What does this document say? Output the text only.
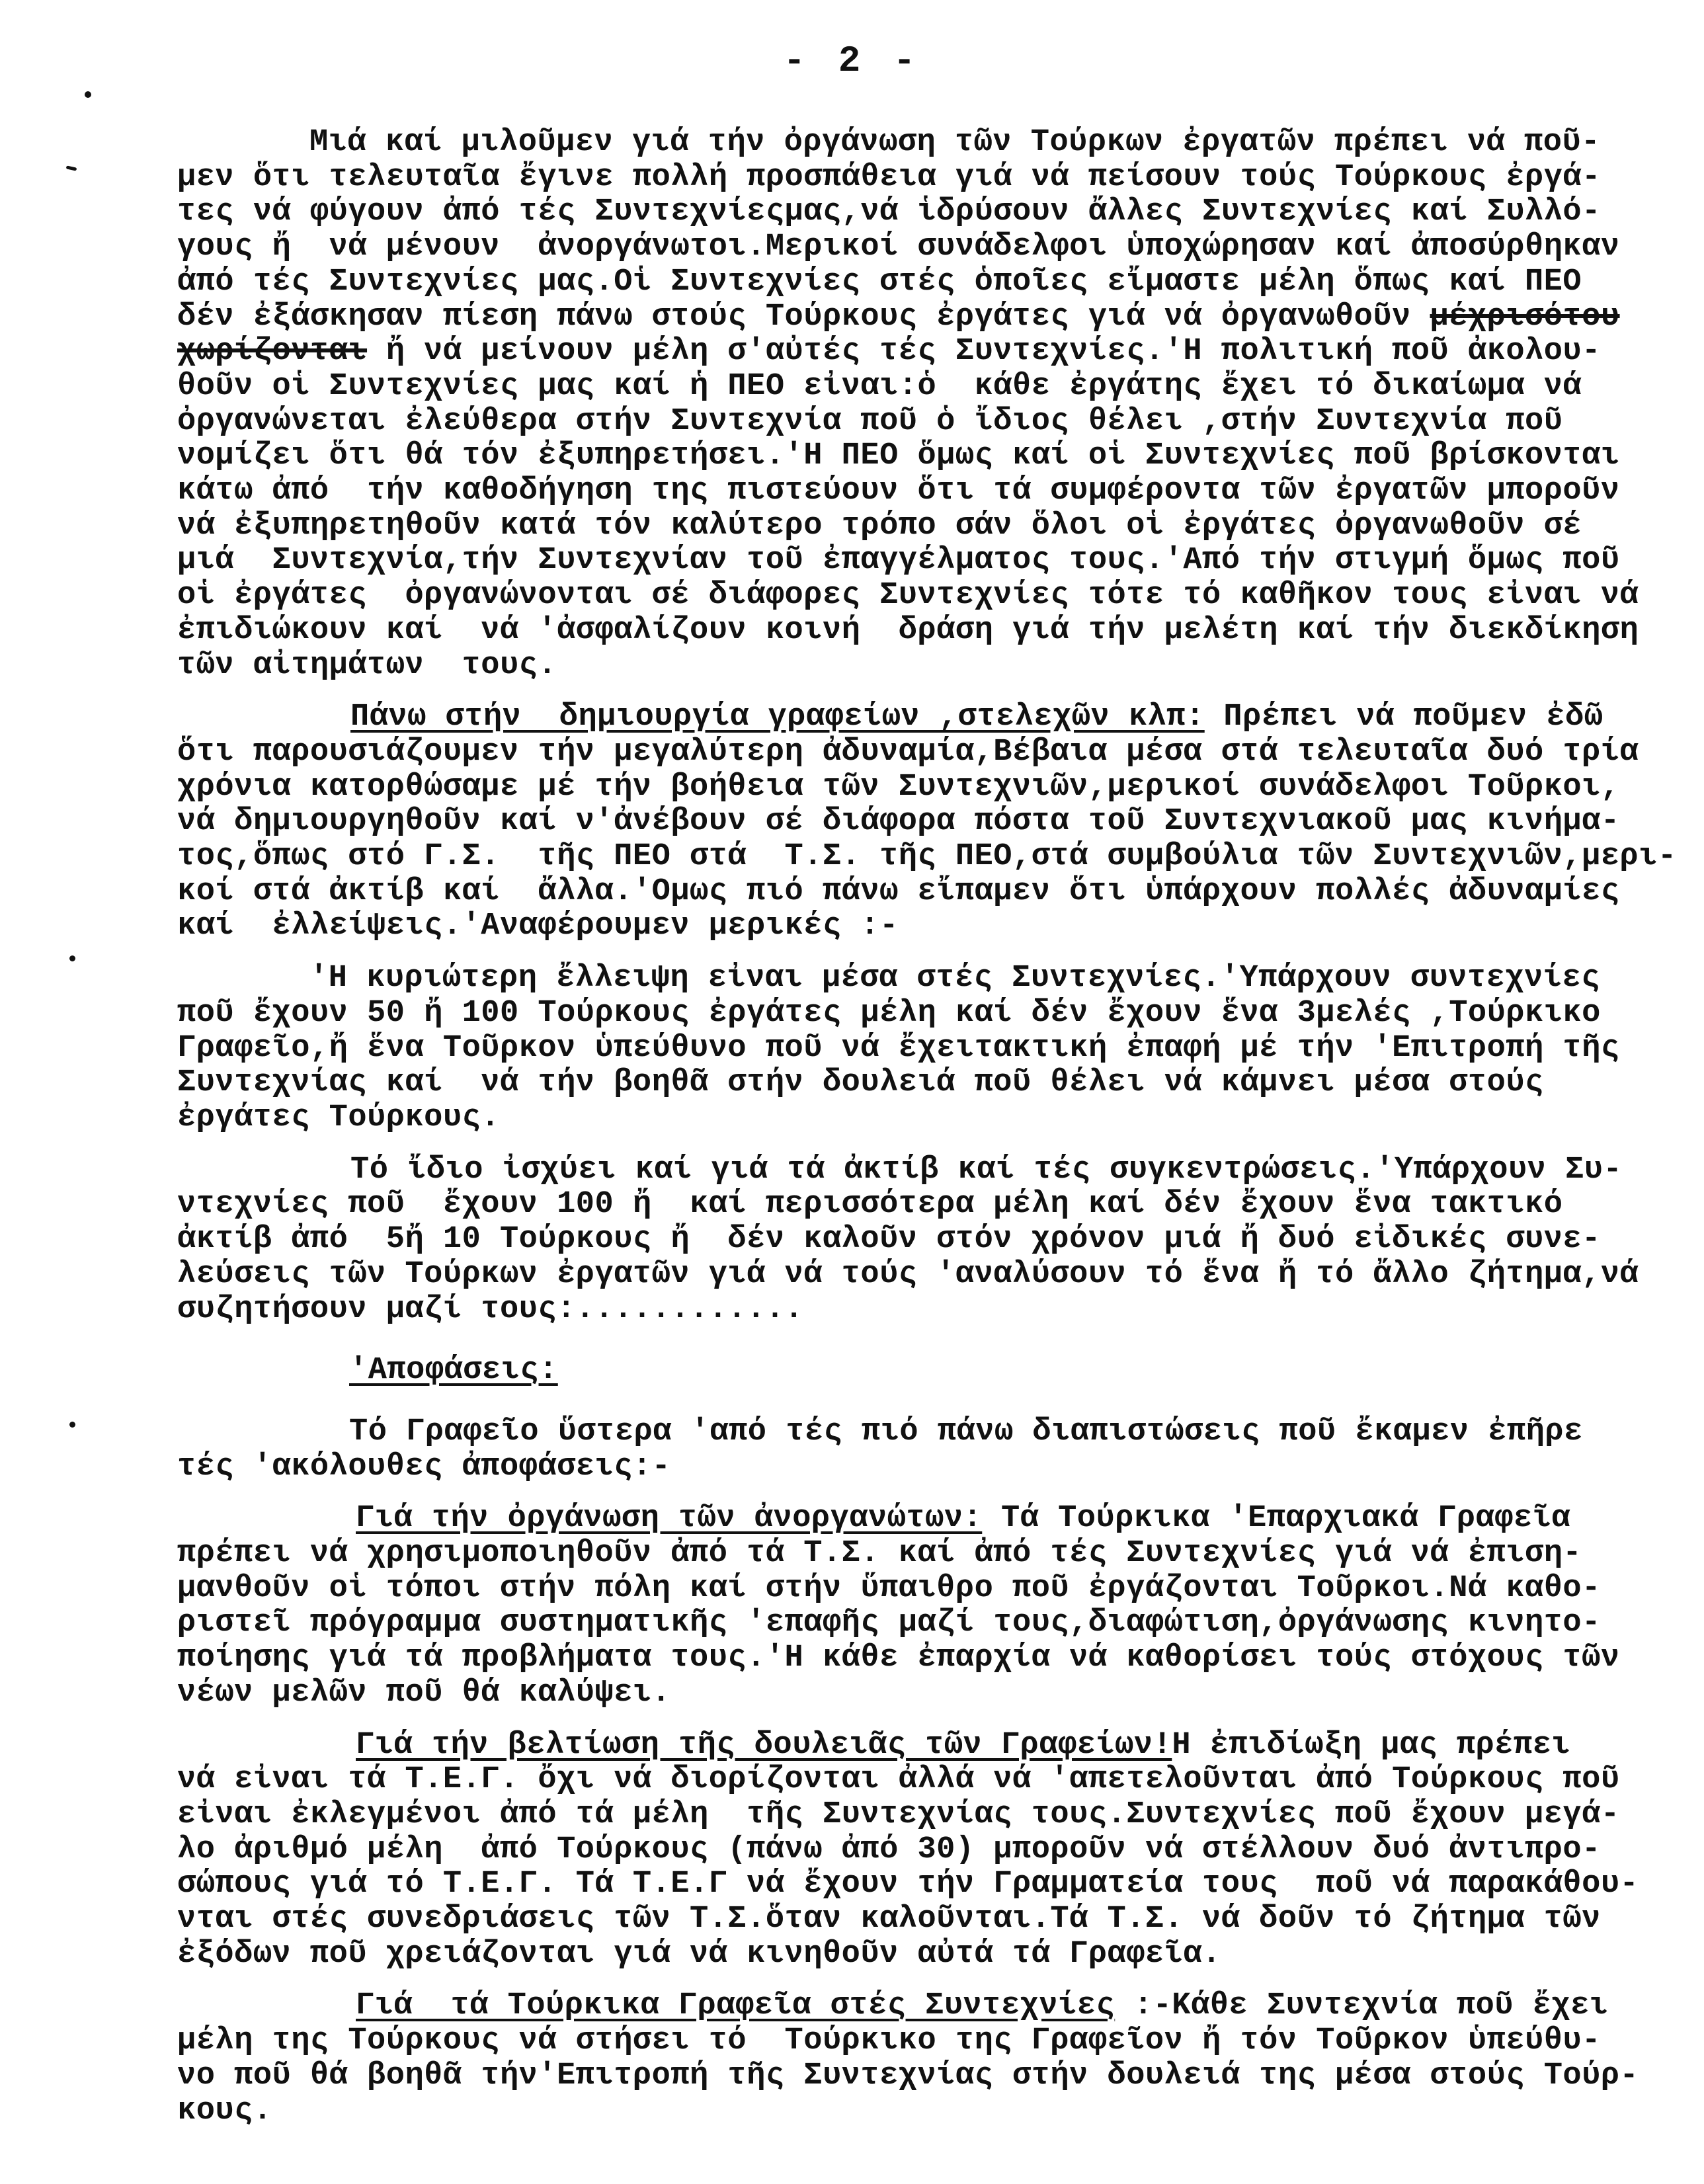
- 2 -
Μιά καί μιλοῦμεν γιά τήν ὀργάνωση τῶν Τούρκων ἐργατῶν πρέπει νά ποῦ-
μεν ὅτι τελευταῖα ἔγινε πολλή προσπάθεια γιά νά πείσουν τούς Τούρκους ἐργά-
τες νά φύγουν ἀπό τές Συντεχνίεςμας,νά ἱδρύσουν ἄλλες Συντεχνίες καί Συλλό-
γους ἤ  νά μένουν  ἀνοργάνωτοι.Μερικοί συνάδελφοι ὑποχώρησαν καί ἀποσύρθηκαν
ἀπό τές Συντεχνίες μας.Οἱ Συντεχνίες στές ὁποῖες εἴμαστε μέλη ὅπως καί ΠΕΟ
δέν ἐξάσκησαν πίεση πάνω στούς Τούρκους ἐργάτες γιά νά ὀργανωθοῦν μέχρισότου
χωρίζονται ἤ νά μείνουν μέλη σ'αὐτές τές Συντεχνίες.'Η πολιτική ποῦ ἀκολου-
θοῦν οἱ Συντεχνίες μας καί ἡ ΠΕΟ εἶναι:ὁ  κάθε ἐργάτης ἔχει τό δικαίωμα νά
ὀργανώνεται ἐλεύθερα στήν Συντεχνία ποῦ ὁ ἴδιος θέλει ,στήν Συντεχνία ποῦ
νομίζει ὅτι θά τόν ἐξυπηρετήσει.'Η ΠΕΟ ὅμως καί οἱ Συντεχνίες ποῦ βρίσκονται
κάτω ἀπό  τήν καθοδήγηση της πιστεύουν ὅτι τά συμφέροντα τῶν ἐργατῶν μποροῦν
νά ἐξυπηρετηθοῦν κατά τόν καλύτερο τρόπο σάν ὅλοι οἱ ἐργάτες ὀργανωθοῦν σέ
μιά  Συντεχνία,τήν Συντεχνίαν τοῦ ἐπαγγέλματος τους.'Από τήν στιγμή ὅμως ποῦ
οἱ ἐργάτες  ὀργανώνονται σέ διάφορες Συντεχνίες τότε τό καθῆκον τους εἶναι νά
ἐπιδιώκουν καί  νά 'ἀσφαλίζουν κοινή  δράση γιά τήν μελέτη καί τήν διεκδίκηση
τῶν αἰτημάτων  τους.
Πάνω στήν  δημιουργία γραφείων ,στελεχῶν κλπ: Πρέπει νά ποῦμεν ἐδῶ
ὅτι παρουσιάζουμεν τήν μεγαλύτερη ἀδυναμία,Βέβαια μέσα στά τελευταῖα δυό τρία
χρόνια κατορθώσαμε μέ τήν βοήθεια τῶν Συντεχνιῶν,μερικοί συνάδελφοι Τοῦρκοι,
νά δημιουργηθοῦν καί ν'ἀνέβουν σέ διάφορα πόστα τοῦ Συντεχνιακοῦ μας κινήμα-
τος,ὅπως στό Γ.Σ.  τῆς ΠΕΟ στά  Τ.Σ. τῆς ΠΕΟ,στά συμβούλια τῶν Συντεχνιῶν,μερι-
κοί στά ἀκτίβ καί  ἄλλα.'Ομως πιό πάνω εἴπαμεν ὅτι ὑπάρχουν πολλές ἀδυναμίες
καί  ἐλλείψεις.'Αναφέρουμεν μερικές :-
'Η κυριώτερη ἔλλειψη εἶναι μέσα στές Συντεχνίες.'Υπάρχουν συντεχνίες
ποῦ ἔχουν 50 ἤ 100 Τούρκους ἐργάτες μέλη καί δέν ἔχουν ἕνα 3μελές ,Τούρκικο
Γραφεῖο,ἤ ἕνα Τοῦρκον ὑπεύθυνο ποῦ νά ἔχειτακτική ἐπαφή μέ τήν 'Επιτροπή τῆς
Συντεχνίας καί  νά τήν βοηθᾶ στήν δουλειά ποῦ θέλει νά κάμνει μέσα στούς
ἐργάτες Τούρκους.
Τό ἴδιο ἰσχύει καί γιά τά ἀκτίβ καί τές συγκεντρώσεις.'Υπάρχουν Συ-
ντεχνίες ποῦ  ἔχουν 100 ἤ  καί περισσότερα μέλη καί δέν ἔχουν ἕνα τακτικό
ἀκτίβ ἀπό  5ἤ 10 Τούρκους ἤ  δέν καλοῦν στόν χρόνον μιά ἤ δυό εἰδικές συνε-
λεύσεις τῶν Τούρκων ἐργατῶν γιά νά τούς 'αναλύσουν τό ἕνα ἤ τό ἄλλο ζήτημα,νά
συζητήσουν μαζί τους:............
'Αποφάσεις:
Τό Γραφεῖο ὕστερα 'από τές πιό πάνω διαπιστώσεις ποῦ ἔκαμεν ἐπῆρε
τές 'ακόλουθες ἀποφάσεις:-
Γιά τήν ὀργάνωση τῶν ἀνοργανώτων: Τά Τούρκικα 'Επαρχιακά Γραφεῖα
πρέπει νά χρησιμοποιηθοῦν ἀπό τά Τ.Σ. καί ἀπό τές Συντεχνίες γιά νά ἐπιση-
μανθοῦν οἱ τόποι στήν πόλη καί στήν ὕπαιθρο ποῦ ἐργάζονται Τοῦρκοι.Νά καθο-
ριστεῖ πρόγραμμα συστηματικῆς 'επαφῆς μαζί τους,διαφώτιση,ὀργάνωσης κινητο-
ποίησης γιά τά προβλήματα τους.'Η κάθε ἐπαρχία νά καθορίσει τούς στόχους τῶν
νέων μελῶν ποῦ θά καλύψει.
Γιά τήν βελτίωση τῆς δουλειᾶς τῶν Γραφείων!Η ἐπιδίωξη μας πρέπει
νά εἶναι τά Τ.Ε.Γ. ὄχι νά διορίζονται ἀλλά νά 'απετελοῦνται ἀπό Τούρκους ποῦ
εἶναι ἐκλεγμένοι ἀπό τά μέλη  τῆς Συντεχνίας τους.Συντεχνίες ποῦ ἔχουν μεγά-
λο ἀριθμό μέλη  ἀπό Τούρκους (πάνω ἀπό 30) μποροῦν νά στέλλουν δυό ἀντιπρο-
σώπους γιά τό Τ.Ε.Γ. Τά Τ.Ε.Γ νά ἔχουν τήν Γραμματεία τους  ποῦ νά παρακάθου-
νται στές συνεδριάσεις τῶν Τ.Σ.ὅταν καλοῦνται.Τά Τ.Σ. νά δοῦν τό ζήτημα τῶν
ἐξόδων ποῦ χρειάζονται γιά νά κινηθοῦν αὐτά τά Γραφεῖα.
Γιά  τά Τούρκικα Γραφεῖα στές Συντεχνίες :-Κάθε Συντεχνία ποῦ ἔχει
μέλη της Τούρκους νά στήσει τό  Τούρκικο της Γραφεῖον ἤ τόν Τοῦρκον ὑπεύθυ-
νο ποῦ θά βοηθᾶ τήν'Επιτροπή τῆς Συντεχνίας στήν δουλειά της μέσα στούς Τούρ-
κους.
